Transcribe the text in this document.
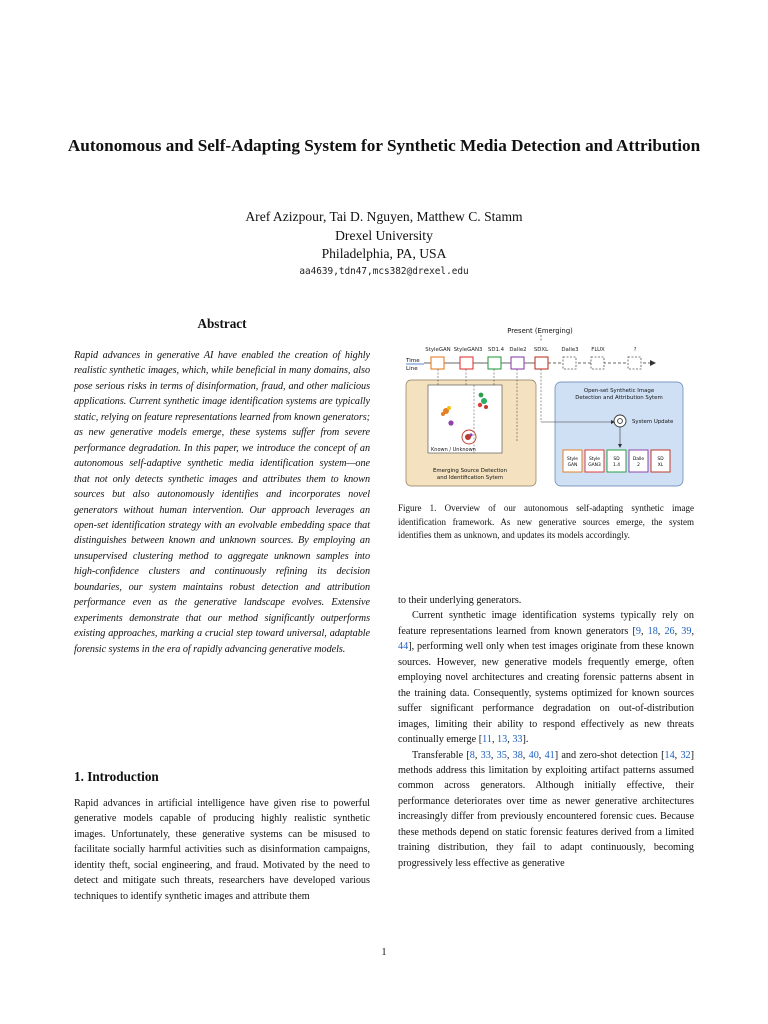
Autonomous and Self-Adapting System for Synthetic Media Detection and Attribution
Aref Azizpour, Tai D. Nguyen, Matthew C. Stamm
Drexel University
Philadelphia, PA, USA
aa4639,tdn47,mcs382@drexel.edu
Abstract
Rapid advances in generative AI have enabled the creation of highly realistic synthetic images, which, while beneficial in many domains, also pose serious risks in terms of disinformation, fraud, and other malicious applications. Current synthetic image identification systems are typically static, relying on feature representations learned from known generators; as new generative models emerge, these systems suffer from severe performance degradation. In this paper, we introduce the concept of an autonomous self-adaptive synthetic media identification system—one that not only detects synthetic images and attributes them to known sources but also autonomously identifies and incorporates novel generators without human intervention. Our approach leverages an open-set identification strategy with an evolvable embedding space that distinguishes between known and unknown sources. By employing an unsupervised clustering method to aggregate unknown samples into high-confidence clusters and continuously refining its decision boundaries, our system maintains robust detection and attribution performance even as the generative landscape evolves. Extensive experiments demonstrate that our method significantly outperforms existing approaches, marking a crucial step toward universal, adaptable forensic systems in the era of rapidly advancing generative models.
1. Introduction
Rapid advances in artificial intelligence have given rise to powerful generative models capable of producing highly realistic synthetic images. Unfortunately, these generative systems can be misused to facilitate socially harmful activities such as disinformation campaigns, identity theft, social engineering, and fraud. Motivated by the need to detect and mitigate such threats, researchers have developed various techniques to identify synthetic images and attribute them
Present (Emerging)
StyleGAN StyleGAN3 SD1.4 Dalle2 SDXL Dalle3 FLUX	?
Time
Line
Known / Unknown
Emerging Source Detection
and Identification Sytem
Open-set Synthetic Image
Detection and Attribution Sytem
System Update
Style
GAN
Style
GAN3
SD
1.4
Dalle
2
SD
XL
Figure 1. Overview of our autonomous self-adapting synthetic image identification framework. As new generative sources emerge, the system identifies them as unknown, and updates its models accordingly.

to their underlying generators.

Current synthetic image identification systems typically rely on feature representations learned from known generators [9, 18, 26, 39, 44], performing well only when test images originate from these known sources. However, new generative models frequently emerge, often employing novel architectures and creating forensic patterns absent in the training data. Consequently, systems optimized for known sources suffer significant performance degradation on out-of-distribution images, limiting their ability to respond effectively as new threats continually emerge [11, 13, 33].

Transferable [8, 33, 35, 38, 40, 41] and zero-shot detection [14, 32] methods address this limitation by exploiting artifact patterns assumed common across generators. Although initially effective, their performance deteriorates over time as newer generative architectures increasingly differ from previously encountered forensic cues. Because these methods depend on static forensic features derived from a limited training distribution, they fail to adapt continuously, becoming progressively less effective as generative

1
